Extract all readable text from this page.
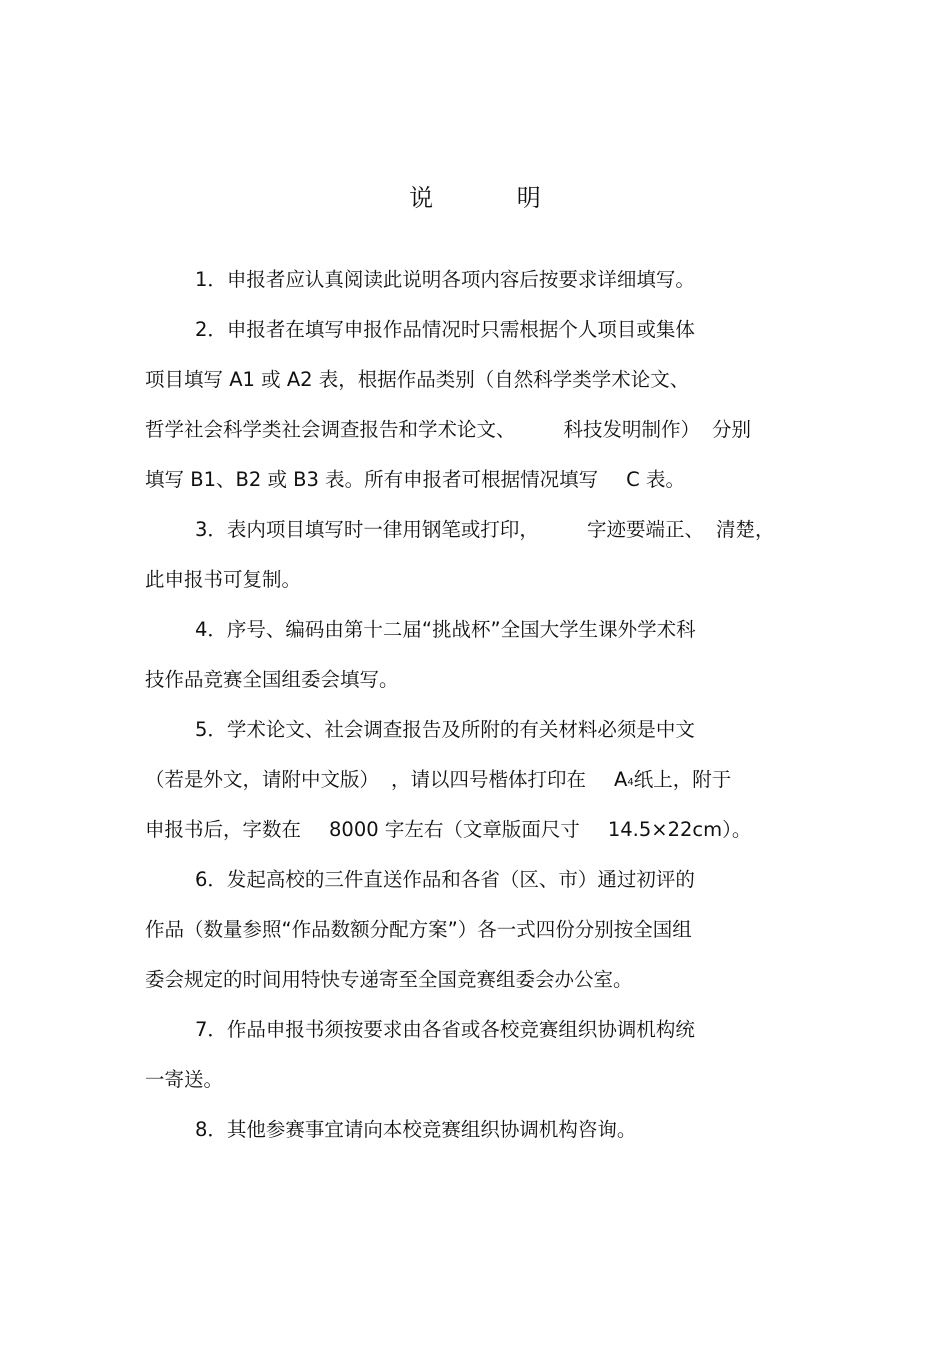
说 明
1．申报者应认真阅读此说明各项内容后按要求详细填写。
2．申报者在填写申报作品情况时只需根据个人项目或集体
项目填写 A1 或 A2 表，根据作品类别（自然科学类学术论文、
哲学社会科学类社会调查报告和学术论文、 科技发明制作） 分别
填写 B1、B2 或 B3 表。所有申报者可根据情况填写 C 表。
3．表内项目填写时一律用钢笔或打印， 字迹要端正、 清楚，
此申报书可复制。
4．序号、编码由第十二届“挑战杯”全国大学生课外学术科
技作品竞赛全国组委会填写。
5．学术论文、社会调查报告及所附的有关材料必须是中文
（若是外文，请附中文版） ，请以四号楷体打印在 A4纸上，附于
申报书后，字数在 8000 字左右（文章版面尺寸 14.5×22cm）。
6．发起高校的三件直送作品和各省（区、市）通过初评的
作品（数量参照“作品数额分配方案”）各一式四份分别按全国组
委会规定的时间用特快专递寄至全国竞赛组委会办公室。
7．作品申报书须按要求由各省或各校竞赛组织协调机构统
一寄送。
8．其他参赛事宜请向本校竞赛组织协调机构咨询。
